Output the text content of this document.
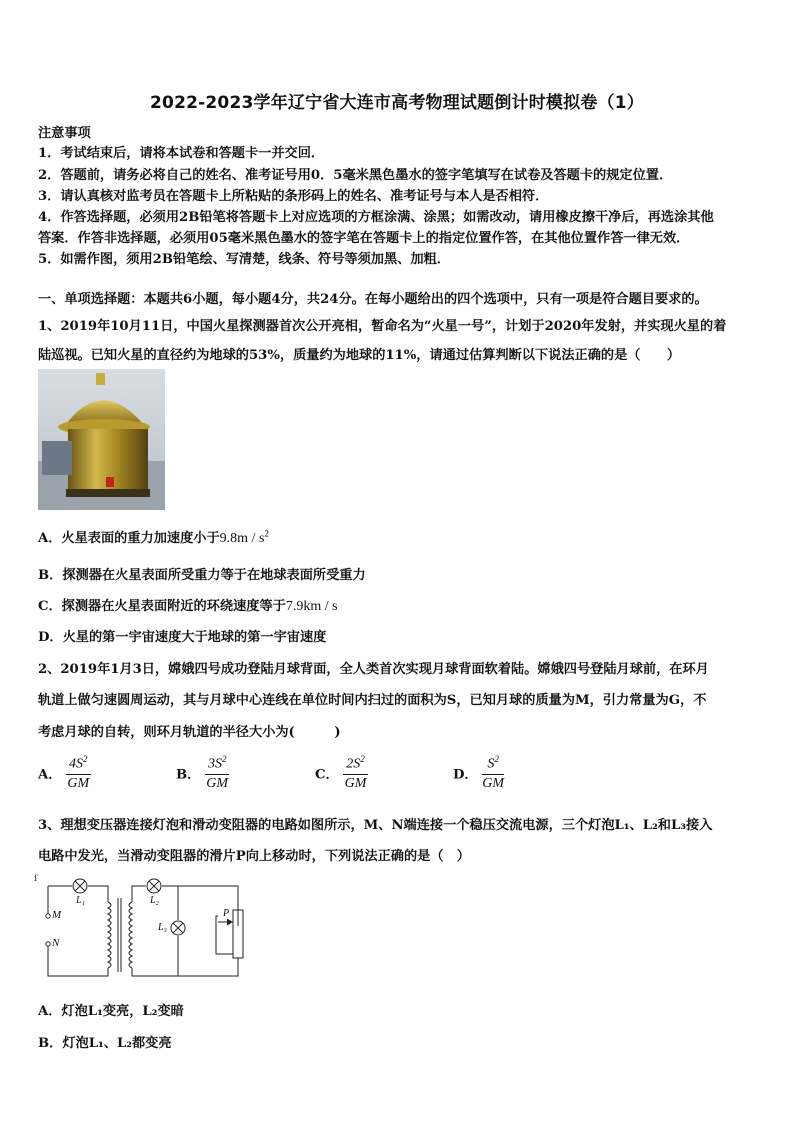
2022-2023学年辽宁省大连市高考物理试题倒计时模拟卷（1）
注意事项
1．考试结束后，请将本试卷和答题卡一并交回．
2．答题前，请务必将自己的姓名、准考证号用0．5毫米黑色墨水的签字笔填写在试卷及答题卡的规定位置．
3．请认真核对监考员在答题卡上所粘贴的条形码上的姓名、准考证号与本人是否相符．
4．作答选择题，必须用2B铅笔将答题卡上对应选项的方框涂满、涂黑；如需改动，请用橡皮擦干净后，再选涂其他
答案．作答非选择题，必须用05毫米黑色墨水的签字笔在答题卡上的指定位置作答，在其他位置作答一律无效．
5．如需作图，须用2B铅笔绘、写清楚，线条、符号等须加黑、加粗．
一、单项选择题：本题共6小题，每小题4分，共24分。在每小题给出的四个选项中，只有一项是符合题目要求的。
1、2019年10月11日，中国火星探测器首次公开亮相，暂命名为“火星一号”，计划于2020年发射，并实现火星的着
陆巡视。已知火星的直径约为地球的53%，质量约为地球的11%，请通过估算判断以下说法正确的是（　　）
A．火星表面的重力加速度小于$9.8m / s^2$
B．探测器在火星表面所受重力等于在地球表面所受重力
C．探测器在火星表面附近的环绕速度等于7.9km / s
D．火星的第一宇宙速度大于地球的第一宇宙速度
2、2019年1月3日，嫦娥四号成功登陆月球背面，全人类首次实现月球背面软着陆。嫦娥四号登陆月球前，在环月
轨道上做匀速圆周运动，其与月球中心连线在单位时间内扫过的面积为S，已知月球的质量为M，引力常量为G，不
考虑月球的自转，则环月轨道的半径大小为(　　　)
A． $\frac{4S^2}{GM}$	B． $\frac{3S^2}{GM}$	C． $\frac{2S^2}{GM}$	D． $\frac{S^2}{GM}$
3、理想变压器连接灯泡和滑动变阻器的电路如图所示，M、N端连接一个稳压交流电源，三个灯泡L₁、L₂和L₃接入
电路中发光，当滑动变阻器的滑片P向上移动时，下列说法正确的是（　）
ſ
M
N
L₁	L₂
L₃
P
A．灯泡L₁变亮，L₂变暗
B．灯泡L₁、L₂都变亮
